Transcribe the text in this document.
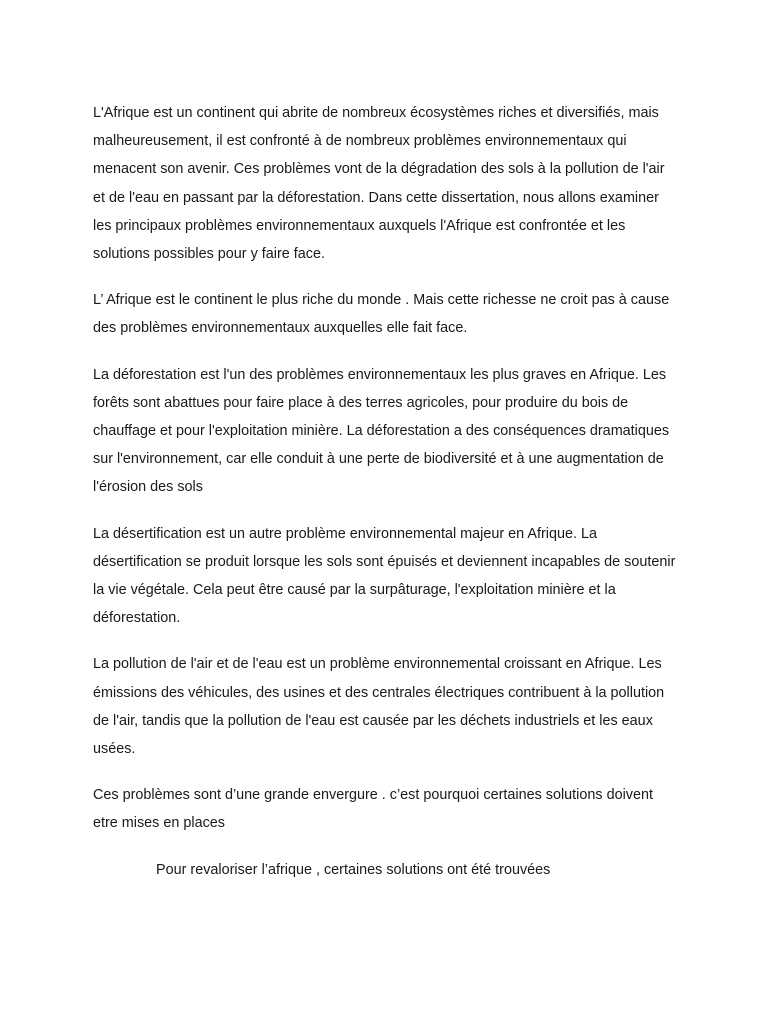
L'Afrique est un continent qui abrite de nombreux écosystèmes riches et diversifiés, mais malheureusement, il est confronté à de nombreux problèmes environnementaux qui menacent son avenir. Ces problèmes vont de la dégradation des sols à la pollution de l'air et de l'eau en passant par la déforestation. Dans cette dissertation, nous allons examiner les principaux problèmes environnementaux auxquels l'Afrique est confrontée et les solutions possibles pour y faire face.

L’ Afrique est le continent le plus riche du monde . Mais cette richesse ne croit pas à cause des problèmes environnementaux auxquelles elle fait face.

La déforestation est l'un des problèmes environnementaux les plus graves en Afrique. Les forêts sont abattues pour faire place à des terres agricoles, pour produire du bois de chauffage et pour l'exploitation minière. La déforestation a des conséquences dramatiques sur l'environnement, car elle conduit à une perte de biodiversité et à une augmentation de l'érosion des sols

La désertification est un autre problème environnemental majeur en Afrique. La désertification se produit lorsque les sols sont épuisés et deviennent incapables de soutenir la vie végétale. Cela peut être causé par la surpâturage, l'exploitation minière et la déforestation.

La pollution de l'air et de l'eau est un problème environnemental croissant en Afrique. Les émissions des véhicules, des usines et des centrales électriques contribuent à la pollution de l'air, tandis que la pollution de l'eau est causée par les déchets industriels et les eaux usées.

Ces problèmes sont d’une grande envergure . c’est pourquoi certaines solutions doivent etre mises en places

Pour revaloriser l’afrique , certaines solutions ont été trouvées
